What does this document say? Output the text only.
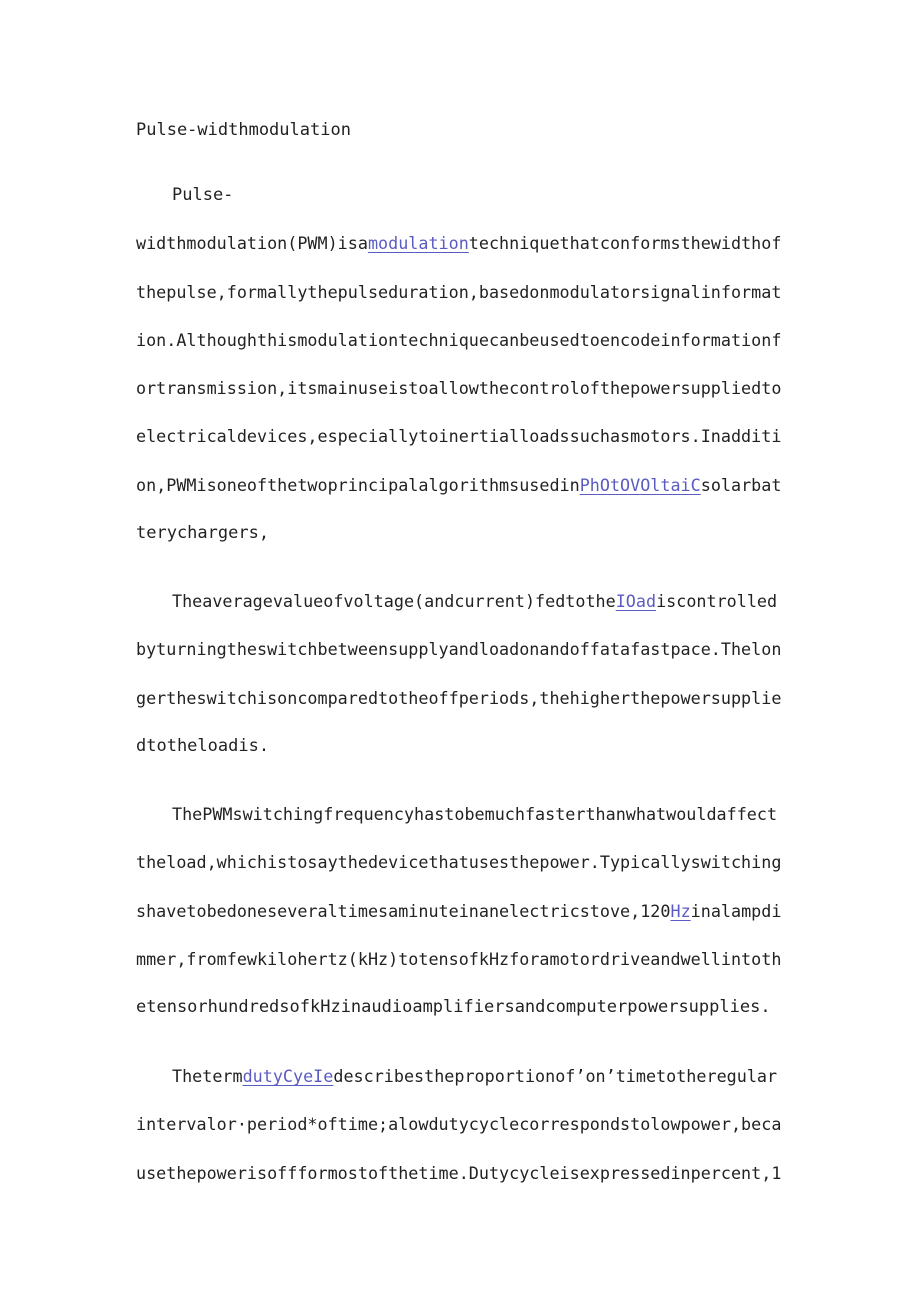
Pulse-widthmodulation
Pulse-
widthmodulation(PWM)isamodulationtechniquethatconformsthewidthof
thepulse,formallythepulseduration,basedonmodulatorsignalinformat
ion.Althoughthismodulationtechniquecanbeusedtoencodeinformationf
ortransmission,itsmainuseistoallowthecontrolofthepowersuppliedto
electricaldevices,especiallytoinertialloadssuchasmotors.Inadditi
on,PWMisoneofthetwoprincipalalgorithmsusedinPhOtOVOltaiCsolarbat
terychargers,
Theaveragevalueofvoltage(andcurrent)fedtotheIOadiscontrolled
byturningtheswitchbetweensupplyandloadonandoffatafastpace.Thelon
gertheswitchisoncomparedtotheoffperiods,thehigherthepowersupplie
dtotheloadis.
ThePWMswitchingfrequencyhastobemuchfasterthanwhatwouldaffect
theload,whichistosaythedevicethatusesthepower.Typicallyswitching
shavetobedoneseveraltimesaminuteinanelectricstove,120Hzinalampdi
mmer,fromfewkilohertz(kHz)totensofkHzforamotordriveandwellintoth
etensorhundredsofkHzinaudioamplifiersandcomputerpowersupplies.
ThetermdutyCyeIedescribestheproportionof’on’timetotheregular
intervalor·period*oftime;alowdutycyclecorrespondstolowpower,beca
usethepowerisoffformostofthetime.Dutycycleisexpressedinpercent,1
